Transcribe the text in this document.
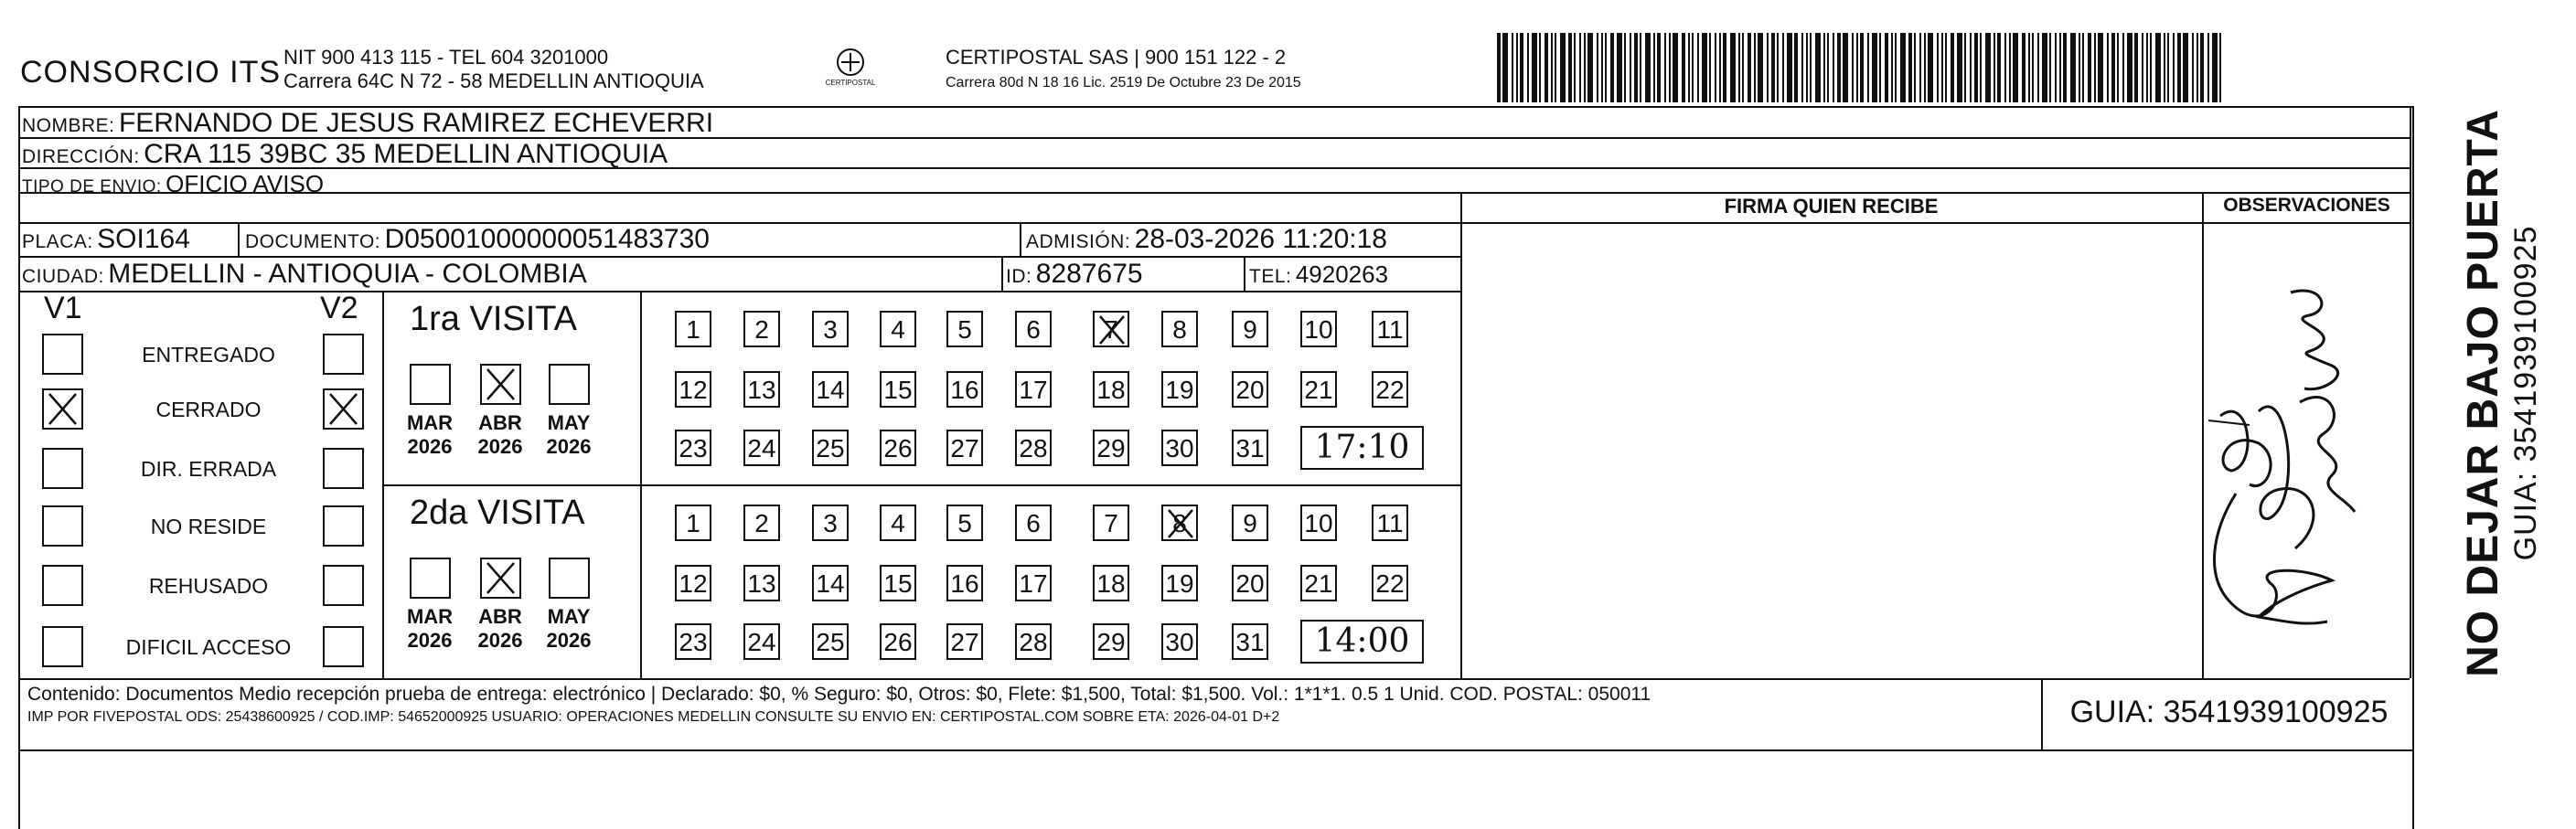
CONSORCIO ITS NIT 900 413 115 - TEL 604 3201000
Carrera 64C N 72 - 58 MEDELLIN ANTIOQUIA	CERTIPOSTAL
CERTIPOSTAL SAS | 900 151 122 - 2
Carrera 80d N 18 16 Lic. 2519 De Octubre 23 De 2015
NOMBRE: FERNANDO DE JESUS RAMIREZ ECHEVERRI
DIRECCIÓN: CRA 115 39BC 35 MEDELLIN ANTIOQUIA
TIPO DE ENVIO: OFICIO AVISO
FIRMA QUIEN RECIBE	OBSERVACIONES
PLACA: SOI164	DOCUMENTO: D05001000000051483730	ADMISIÓN: 28-03-2026 11:20:18
CIUDAD: MEDELLIN - ANTIOQUIA - COLOMBIA	ID: 8287675	TEL: 4920263
V1	V2
ENTREGADO
CERRADO
DIR. ERRADA
NO RESIDE
REHUSADO
DIFICIL ACCESO
1ra VISITA
MAR
2026
ABR
2026
MAY
2026
1	2	3	4	5	6	7	8	9	10 11
12 13 14 15 16 17 18 19 20 21 22
23 24 25 26 27 28 29 30 31	17:10
2da VISITA
MAR
2026
ABR
2026
MAY
2026
1	2	3	4	5	6	7	8	9	10 11
12 13 14 15 16 17 18 19 20 21 22
23 24 25 26 27 28 29 30 31	14:00	NO DEJAR BAJO PUERTA GUIA: 3541939100925
Contenido: Documentos Medio recepción prueba de entrega: electrónico | Declarado: $0, % Seguro: $0, Otros: $0, Flete: $1,500, Total: $1,500. Vol.: 1*1*1. 0.5 1 Unid. COD. POSTAL: 050011
IMP POR FIVEPOSTAL ODS: 25438600925 / COD.IMP: 54652000925 USUARIO: OPERACIONES MEDELLIN CONSULTE SU ENVIO EN: CERTIPOSTAL.COM SOBRE ETA: 2026-04-01 D+2	GUIA: 3541939100925
